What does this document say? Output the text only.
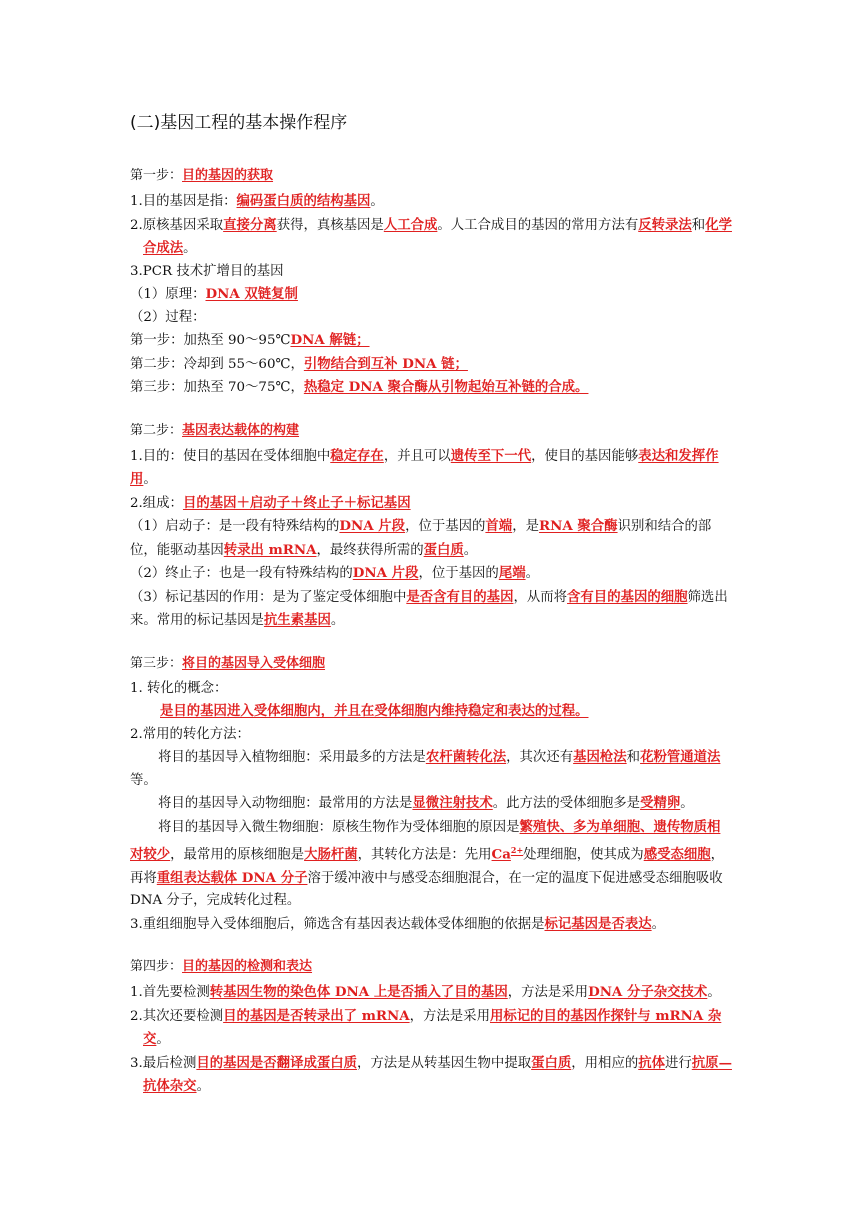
(二)基因工程的基本操作程序
第一步：目的基因的获取

1.目的基因是指：编码蛋白质的结构基因。

2.原核基因采取直接分离获得，真核基因是人工合成。人工合成目的基因的常用方法有反转录法和化学合成法。

3.PCR 技术扩增目的基因

（1）原理：DNA 双链复制

（2）过程：

第一步：加热至 90～95℃DNA 解链；

第二步：冷却到 55～60℃，引物结合到互补 DNA 链；

第三步：加热至 70～75℃，热稳定 DNA 聚合酶从引物起始互补链的合成。

第二步：基因表达载体的构建

1.目的：使目的基因在受体细胞中稳定存在，并且可以遗传至下一代，使目的基因能够表达和发挥作用。

2.组成：目的基因＋启动子＋终止子＋标记基因

（1）启动子：是一段有特殊结构的DNA 片段，位于基因的首端，是RNA 聚合酶识别和结合的部位，能驱动基因转录出 mRNA，最终获得所需的蛋白质。

（2）终止子：也是一段有特殊结构的DNA 片段，位于基因的尾端。

（3）标记基因的作用：是为了鉴定受体细胞中是否含有目的基因，从而将含有目的基因的细胞筛选出来。常用的标记基因是抗生素基因。

第三步：将目的基因导入受体细胞

1. 转化的概念：

是目的基因进入受体细胞内，并且在受体细胞内维持稳定和表达的过程。

2.常用的转化方法：

将目的基因导入植物细胞：采用最多的方法是农杆菌转化法，其次还有基因枪法和花粉管通道法等。

将目的基因导入动物细胞：最常用的方法是显微注射技术。此方法的受体细胞多是受精卵。

将目的基因导入微生物细胞：原核生物作为受体细胞的原因是繁殖快、多为单细胞、遗传物质相对较少，最常用的原核细胞是大肠杆菌，其转化方法是：先用$Ca^{2+}$处理细胞，使其成为感受态细胞，再将重组表达载体 DNA 分子溶于缓冲液中与感受态细胞混合，在一定的温度下促进感受态细胞吸收 DNA 分子，完成转化过程。

3.重组细胞导入受体细胞后，筛选含有基因表达载体受体细胞的依据是标记基因是否表达。

第四步：目的基因的检测和表达

1.首先要检测转基因生物的染色体 DNA 上是否插入了目的基因，方法是采用DNA 分子杂交技术。

2.其次还要检测目的基因是否转录出了 mRNA，方法是采用用标记的目的基因作探针与 mRNA 杂交。

3.最后检测目的基因是否翻译成蛋白质，方法是从转基因生物中提取蛋白质，用相应的抗体进行抗原—抗体杂交。
